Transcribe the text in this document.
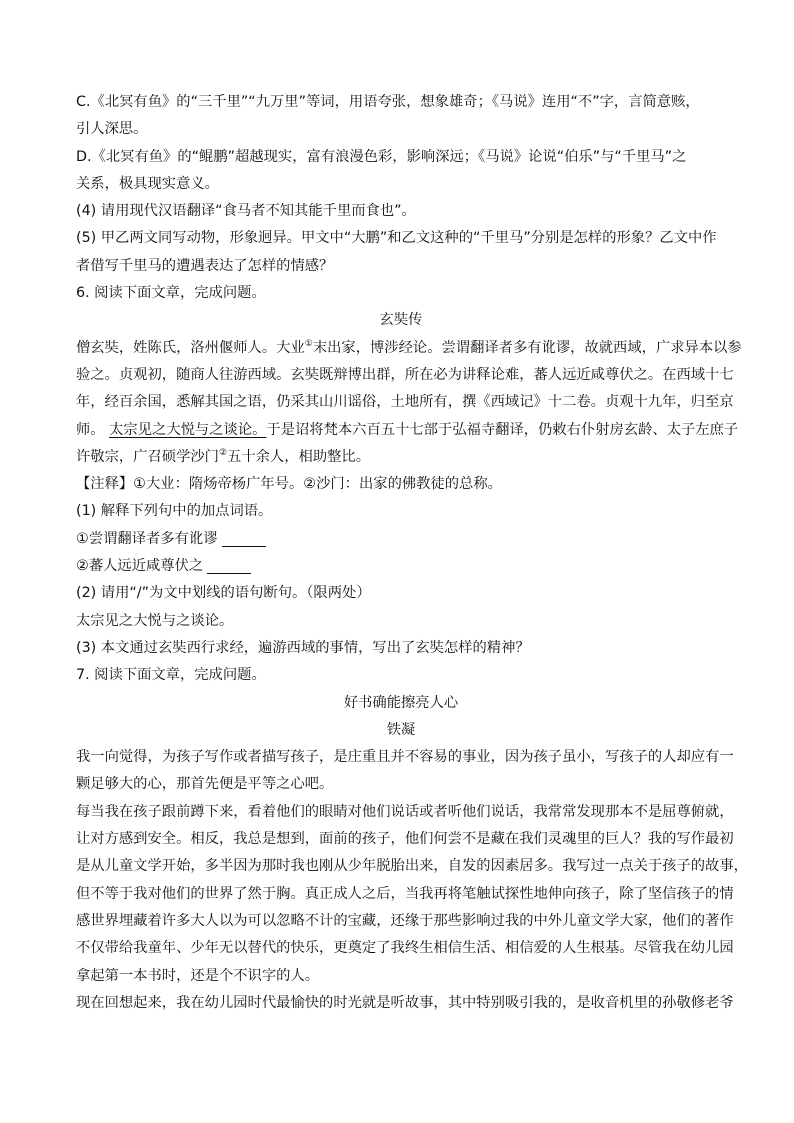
C.《北冥有鱼》的“三千里”“九万里”等词，用语夸张，想象雄奇；《马说》连用“不”字，言简意赅，
引人深思。
D.《北冥有鱼》的“鲲鹏”超越现实，富有浪漫色彩，影响深远；《马说》论说“伯乐”与“千里马”之
关系，极具现实意义。
(4) 请用现代汉语翻译“食马者不知其能千里而食也”。
(5) 甲乙两文同写动物，形象迥异。甲文中“大鹏”和乙文这种的“千里马”分别是怎样的形象？乙文中作
者借写千里马的遭遇表达了怎样的情感？
6. 阅读下面文章，完成问题。
玄奘传
僧玄奘，姓陈氏，洛州偃师人。大业①末出家，博涉经论。尝谓翻译者多有讹谬，故就西域，广求异本以参
验之。贞观初，随商人往游西域。玄奘既辩博出群，所在必为讲释论难，蕃人远近咸尊伏之。在西域十七
年，经百余国，悉解其国之语，仍采其山川谣俗，土地所有，撰《西域记》十二卷。贞观十九年，归至京
师。 太宗见之大悦与之谈论。于是诏将梵本六百五十七部于弘福寺翻译，仍敕右仆射房玄龄、太子左庶子
许敬宗，广召硕学沙门②五十余人，相助整比。
【注释】①大业：隋炀帝杨广年号。②沙门：出家的佛教徒的总称。
(1) 解释下列句中的加点词语。
①尝谓翻译者多有讹谬
②蕃人远近咸尊伏之
(2) 请用“/”为文中划线的语句断句。（限两处）
太宗见之大悦与之谈论。
(3) 本文通过玄奘西行求经，遍游西域的事情，写出了玄奘怎样的精神？
7. 阅读下面文章，完成问题。
好书确能擦亮人心
铁凝
我一向觉得，为孩子写作或者描写孩子，是庄重且并不容易的事业，因为孩子虽小，写孩子的人却应有一
颗足够大的心，那首先便是平等之心吧。
每当我在孩子跟前蹲下来，看着他们的眼睛对他们说话或者听他们说话，我常常发现那本不是屈尊俯就，
让对方感到安全。相反，我总是想到，面前的孩子，他们何尝不是藏在我们灵魂里的巨人？我的写作最初
是从儿童文学开始，多半因为那时我也刚从少年脱胎出来，自发的因素居多。我写过一点关于孩子的故事，
但不等于我对他们的世界了然于胸。真正成人之后，当我再将笔触试探性地伸向孩子，除了坚信孩子的情
感世界埋藏着许多大人以为可以忽略不计的宝藏，还缘于那些影响过我的中外儿童文学大家，他们的著作
不仅带给我童年、少年无以替代的快乐，更奠定了我终生相信生活、相信爱的人生根基。尽管我在幼儿园
拿起第一本书时，还是个不识字的人。
现在回想起来，我在幼儿园时代最愉快的时光就是听故事，其中特别吸引我的，是收音机里的孙敬修老爷
